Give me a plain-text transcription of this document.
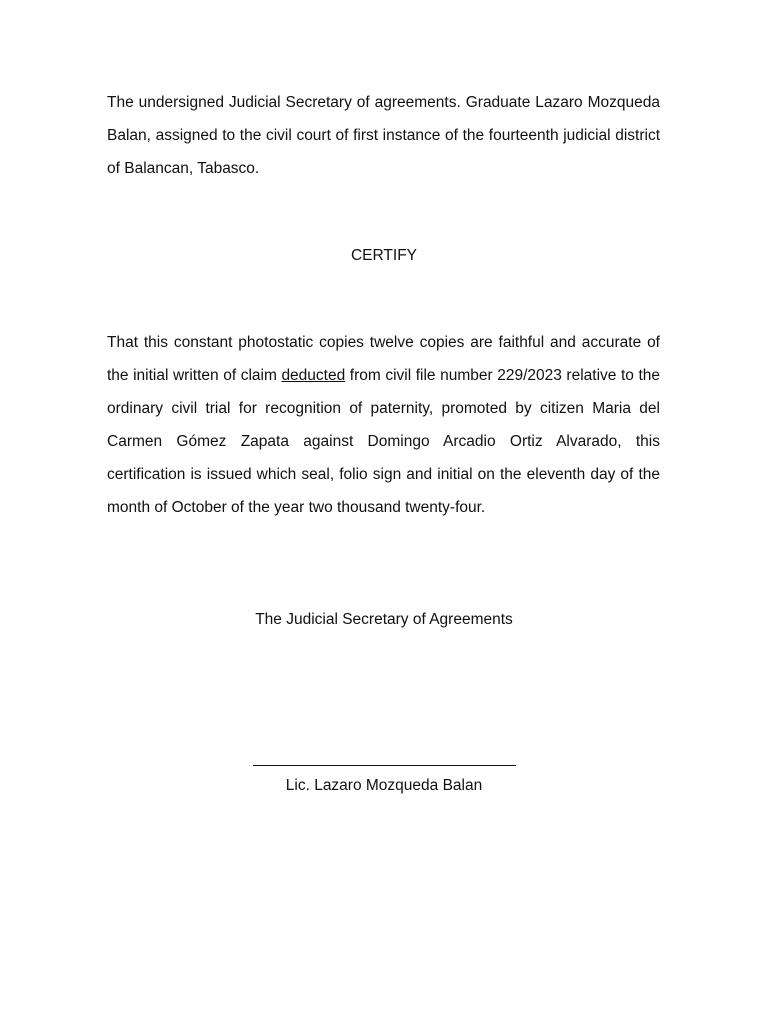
The undersigned Judicial Secretary of agreements. Graduate Lazaro Mozqueda Balan, assigned to the civil court of first instance of the fourteenth judicial district of Balancan, Tabasco.

CERTIFY

That this constant photostatic copies twelve copies are faithful and accurate of the initial written of claim deducted from civil file number 229/2023 relative to the ordinary civil trial for recognition of paternity, promoted by citizen Maria del Carmen Gómez Zapata against Domingo Arcadio Ortiz Alvarado, this certification is issued which seal, folio sign and initial on the eleventh day of the month of October of the year two thousand twenty-four.

The Judicial Secretary of Agreements

Lic. Lazaro Mozqueda Balan
